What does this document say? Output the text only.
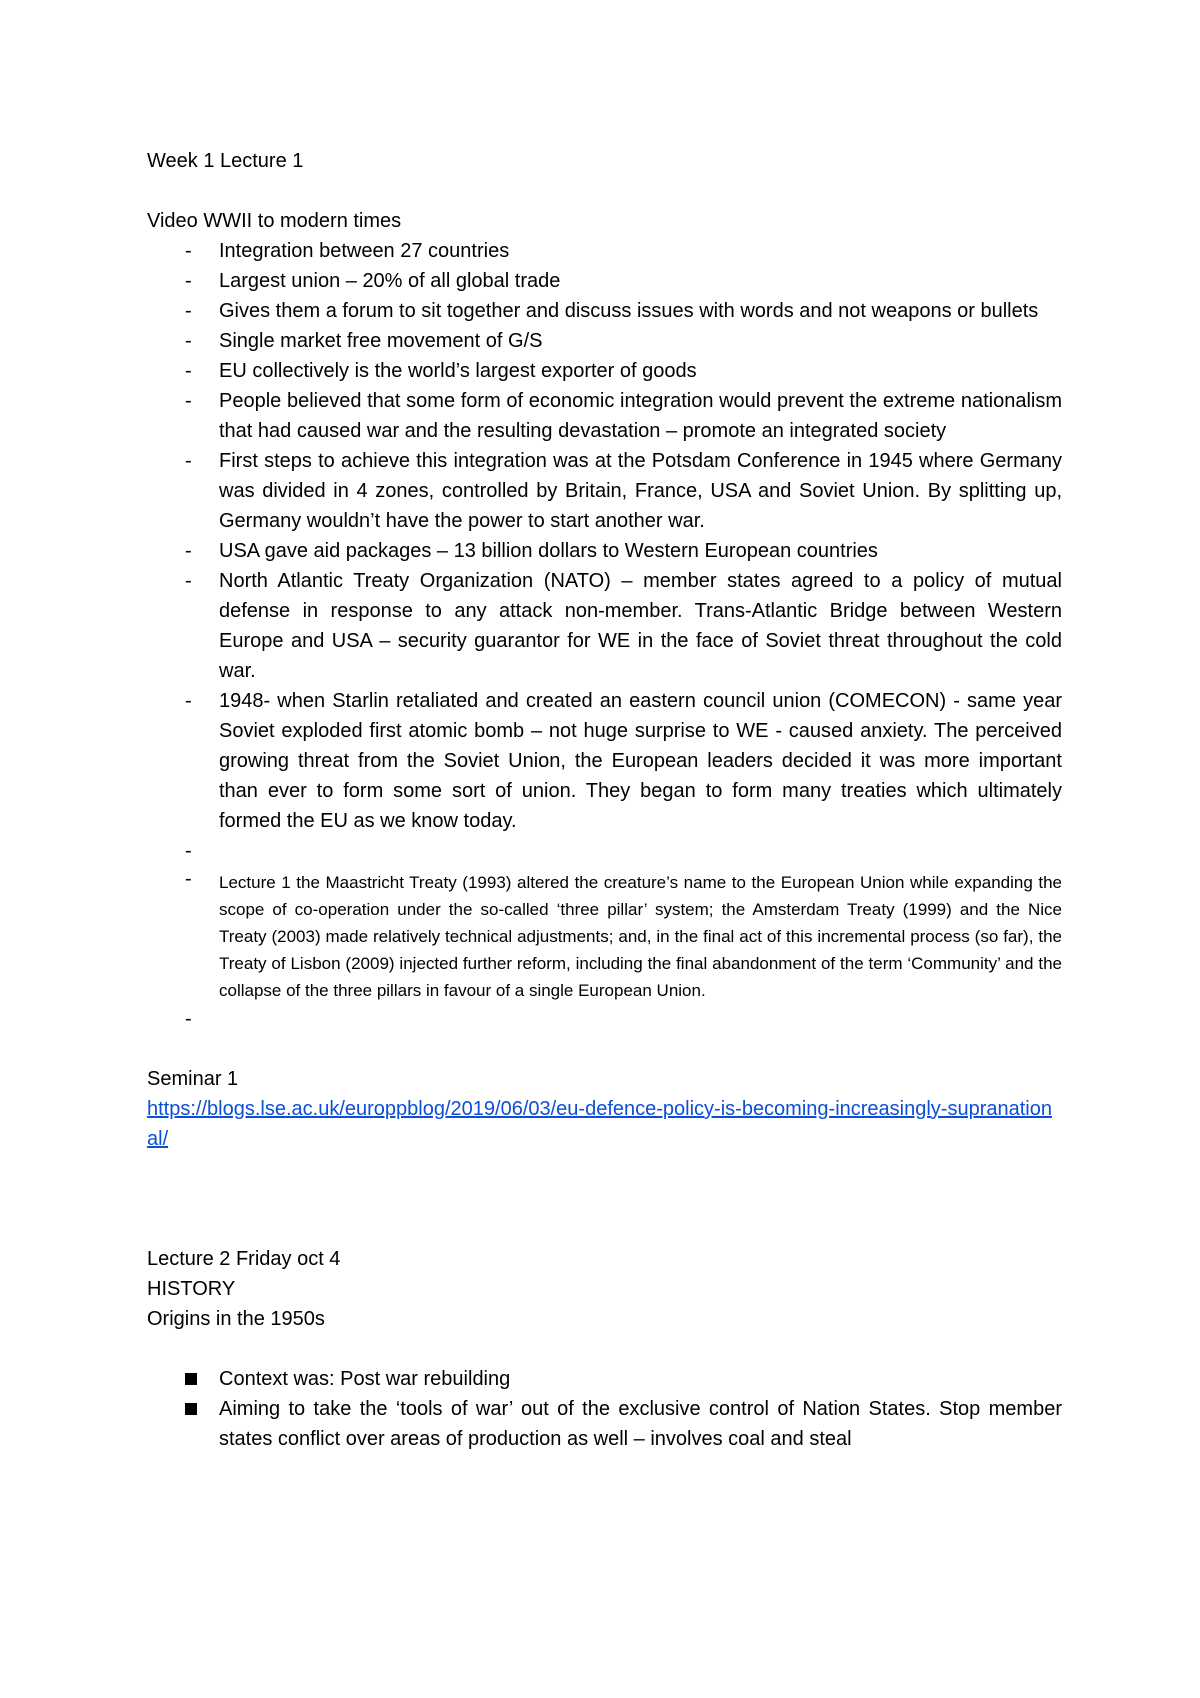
Week 1 Lecture 1

Video WWII to modern times

-	Integration between 27 countries
-	Largest union – 20% of all global trade
-	Gives them a forum to sit together and discuss issues with words and not weapons or bullets
-	Single market free movement of G/S
-	EU collectively is the world’s largest exporter of goods
-	People believed that some form of economic integration would prevent the extreme nationalism that had caused war and the resulting devastation – promote an integrated society
-	First steps to achieve this integration was at the Potsdam Conference in 1945 where Germany was divided in 4 zones, controlled by Britain, France, USA and Soviet Union. By splitting up, Germany wouldn’t have the power to start another war.
-	USA gave aid packages – 13 billion dollars to Western European countries
-	North Atlantic Treaty Organization (NATO) – member states agreed to a policy of mutual defense in response to any attack non-member. Trans-Atlantic Bridge between Western Europe and USA – security guarantor for WE in the face of Soviet threat throughout the cold war.
-	1948- when Starlin retaliated and created an eastern council union (COMECON) - same year Soviet exploded first atomic bomb – not huge surprise to WE - caused anxiety. The perceived growing threat from the Soviet Union, the European leaders decided it was more important than ever to form some sort of union. They began to form many treaties which ultimately formed the EU as we know today.
-
-	Lecture 1 the Maastricht Treaty (1993) altered the creature’s name to the European Union while expanding the scope of co-operation under the so-called ‘three pillar’ system; the Amsterdam Treaty (1999) and the Nice Treaty (2003) made relatively technical adjustments; and, in the final act of this incremental process (so far), the Treaty of Lisbon (2009) injected further reform, including the final abandonment of the term ‘Community’ and the collapse of the three pillars in favour of a single European Union.
-

Seminar 1

https://blogs.lse.ac.uk/europpblog/2019/06/03/eu-defence-policy-is-becoming-increasingly-supranational/

Lecture 2 Friday oct 4

HISTORY

Origins in the 1950s

Context was: Post war rebuilding
Aiming to take the ‘tools of war’ out of the exclusive control of Nation States. Stop member states conflict over areas of production as well – involves coal and steal
